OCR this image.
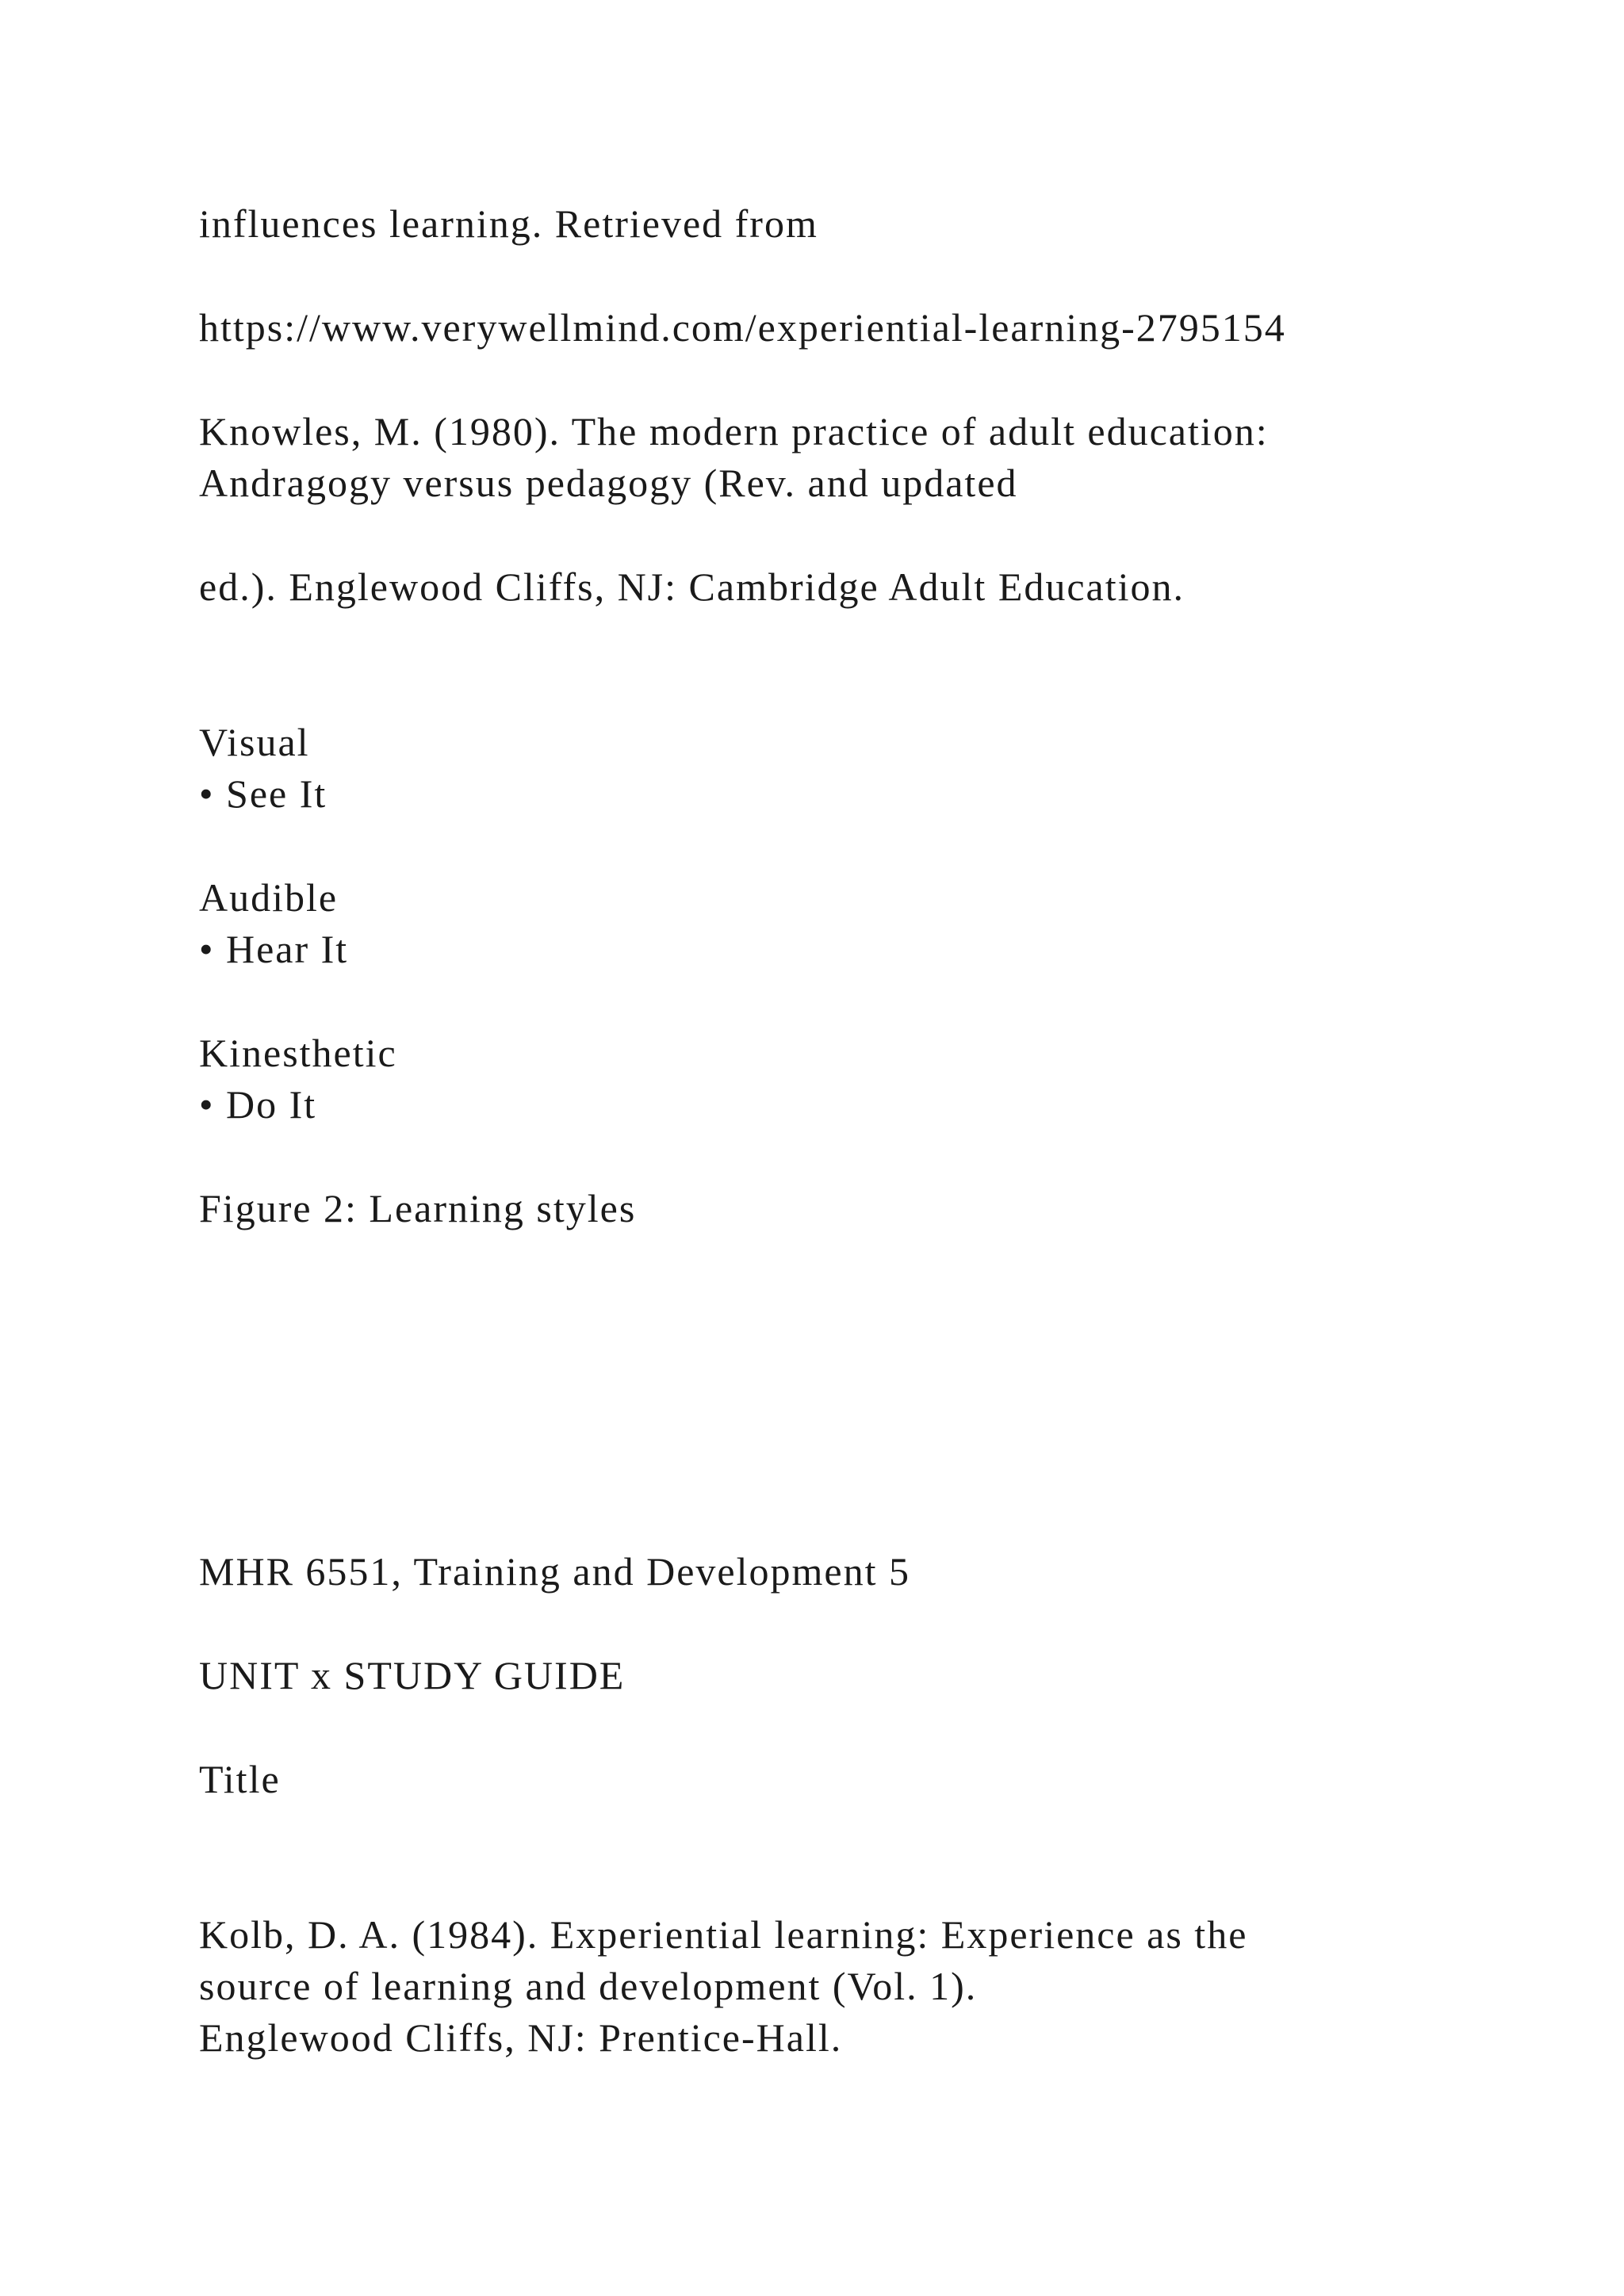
influences learning. Retrieved from
https://www.verywellmind.com/experiential-learning-2795154
Knowles, M. (1980). The modern practice of adult education:
Andragogy versus pedagogy (Rev. and updated
ed.). Englewood Cliffs, NJ: Cambridge Adult Education.
Visual
• See It
Audible
• Hear It
Kinesthetic
• Do It
Figure 2: Learning styles
MHR 6551, Training and Development 5
UNIT x STUDY GUIDE
Title
Kolb, D. A. (1984). Experiential learning: Experience as the
source of learning and development (Vol. 1).
Englewood Cliffs, NJ: Prentice-Hall.
